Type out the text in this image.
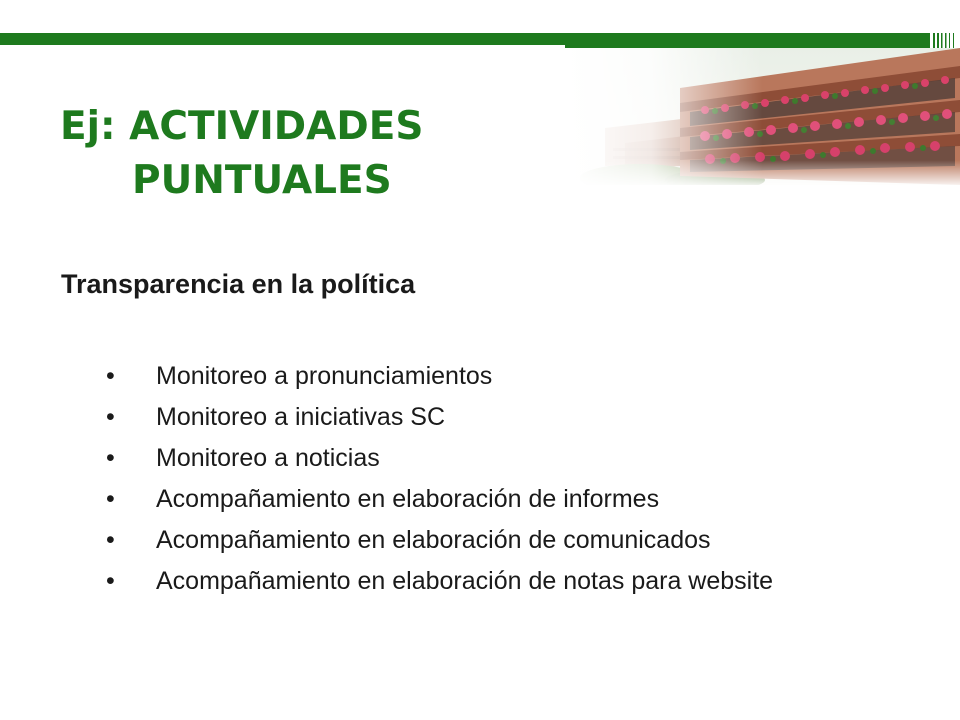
Ej: ACTIVIDADES
PUNTUALES
Transparencia en la política
• Monitoreo a pronunciamientos
• Monitoreo a iniciativas SC
• Monitoreo a noticias
• Acompañamiento en elaboración de informes
• Acompañamiento en elaboración de comunicados
• Acompañamiento en elaboración de notas para website
